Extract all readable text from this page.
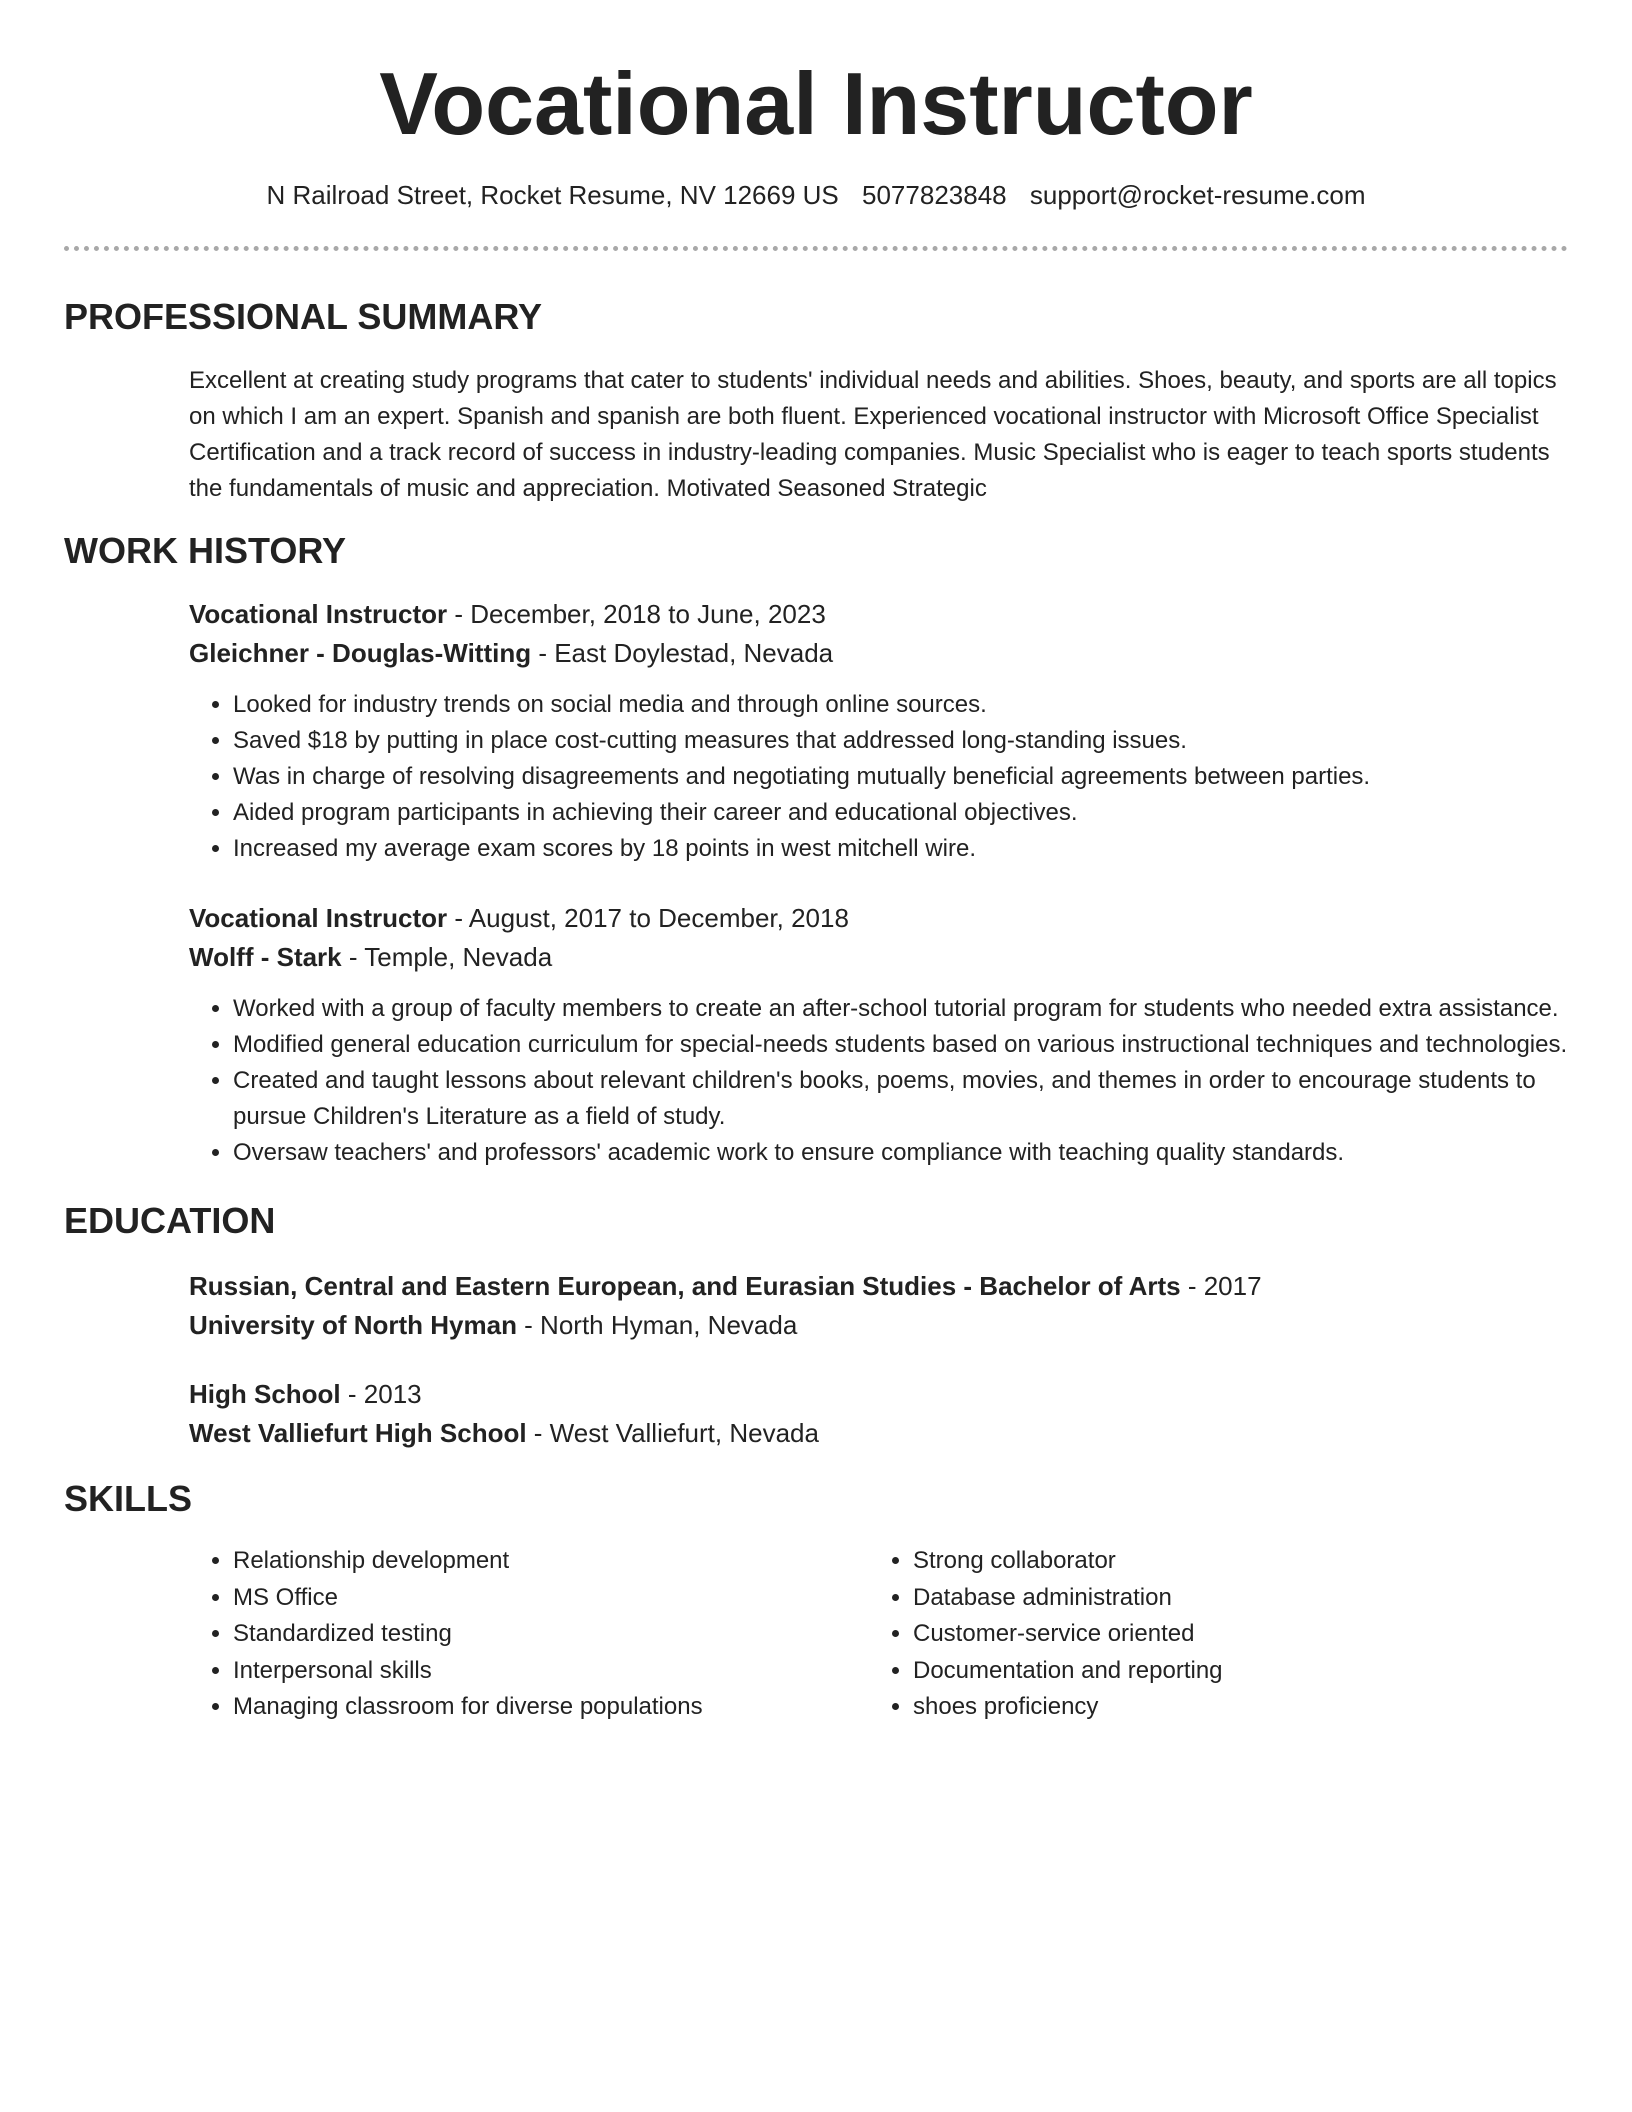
Vocational Instructor
N Railroad Street, Rocket Resume, NV 12669 US 5077823848 support@rocket-resume.com
PROFESSIONAL SUMMARY
Excellent at creating study programs that cater to students' individual needs and abilities. Shoes, beauty, and sports are all topics on which I am an expert. Spanish and spanish are both fluent. Experienced vocational instructor with Microsoft Office Specialist Certification and a track record of success in industry-leading companies. Music Specialist who is eager to teach sports students the fundamentals of music and appreciation. Motivated Seasoned Strategic
WORK HISTORY
Vocational Instructor - December, 2018 to June, 2023
Gleichner - Douglas-Witting - East Doylestad, Nevada
• Looked for industry trends on social media and through online sources.
• Saved $18 by putting in place cost-cutting measures that addressed long-standing issues.
• Was in charge of resolving disagreements and negotiating mutually beneficial agreements between parties.
• Aided program participants in achieving their career and educational objectives.
• Increased my average exam scores by 18 points in west mitchell wire.
Vocational Instructor - August, 2017 to December, 2018
Wolff - Stark - Temple, Nevada
• Worked with a group of faculty members to create an after-school tutorial program for students who needed extra assistance.
• Modified general education curriculum for special-needs students based on various instructional techniques and technologies.
• Created and taught lessons about relevant children's books, poems, movies, and themes in order to encourage students to pursue Children's Literature as a field of study.
• Oversaw teachers' and professors' academic work to ensure compliance with teaching quality standards.
EDUCATION
Russian, Central and Eastern European, and Eurasian Studies - Bachelor of Arts - 2017
University of North Hyman - North Hyman, Nevada
High School - 2013
West Valliefurt High School - West Valliefurt, Nevada
SKILLS
• Relationship development
• MS Office
• Standardized testing
• Interpersonal skills
• Managing classroom for diverse populations
• Strong collaborator
• Database administration
• Customer-service oriented
• Documentation and reporting
• shoes proficiency
